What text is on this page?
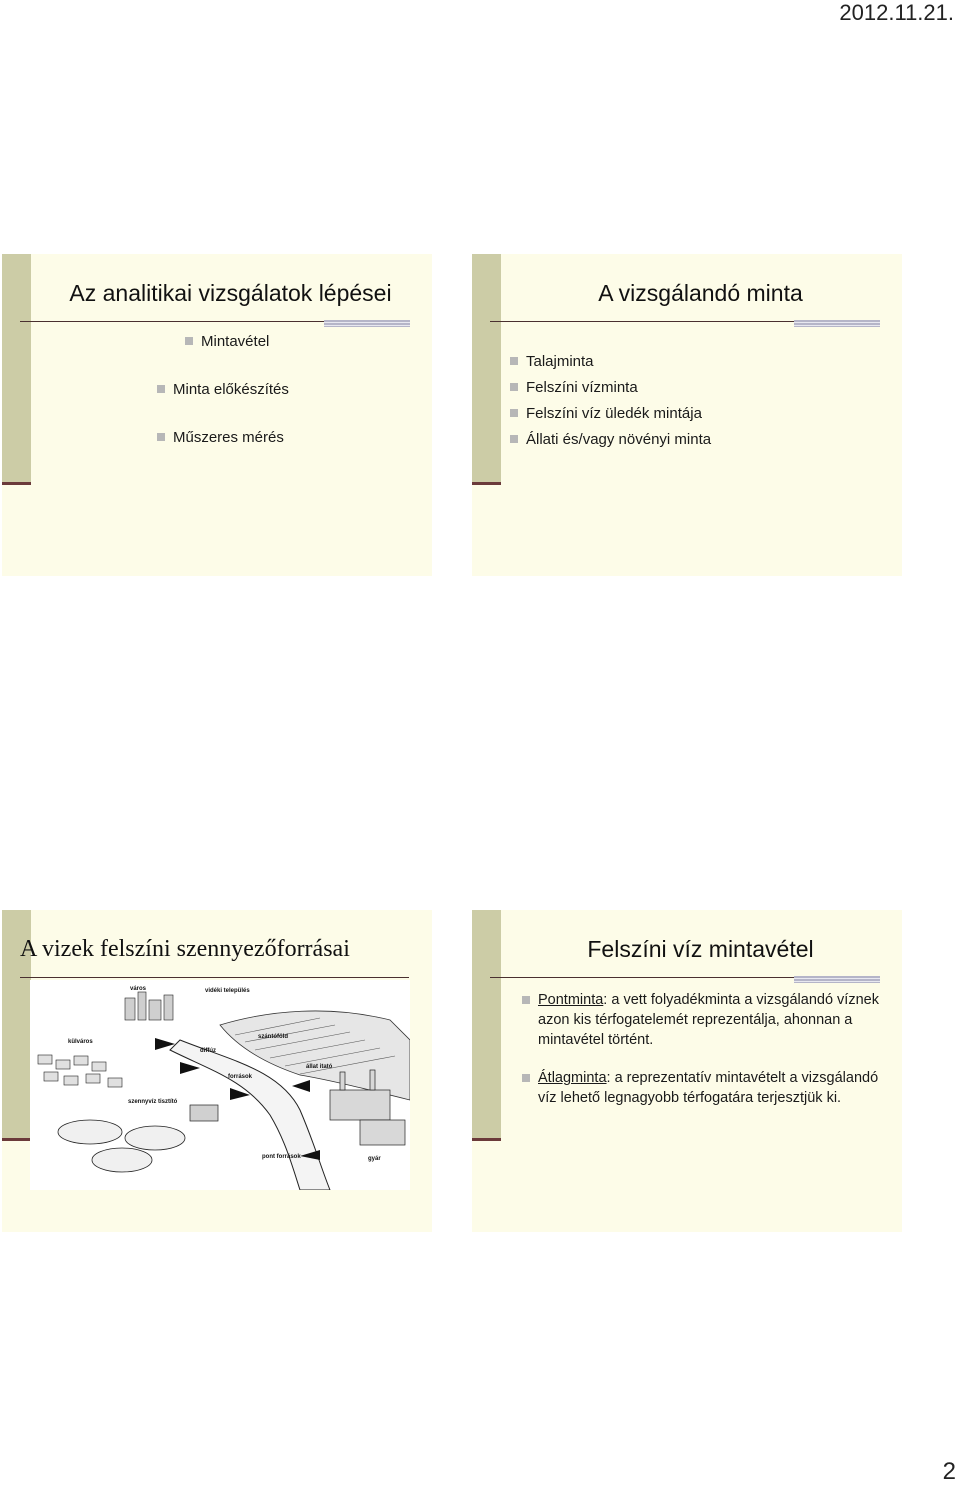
2012.11.21.
Az analitikai vizsgálatok lépései
Mintavétel
Minta előkészítés
Műszeres mérés
A vizsgálandó minta
Talajminta
Felszíni vízminta
Felszíni víz üledék mintája
Állati és/vagy növényi minta
A vizek felszíni szennyezőforrásai
város	vidéki település
külváros
szántóföld
diffúz
források
állat itató
szennyvíz tisztító
pont források	gyár
Felszíni víz mintavétel
Pontminta: a vett folyadékminta a vizsgálandó víznek azon kis térfogatelemét reprezentálja, ahonnan a mintavétel történt.
Átlagminta: a reprezentatív mintavételt a vizsgálandó víz lehető legnagyobb térfogatára terjesztjük ki.
2
